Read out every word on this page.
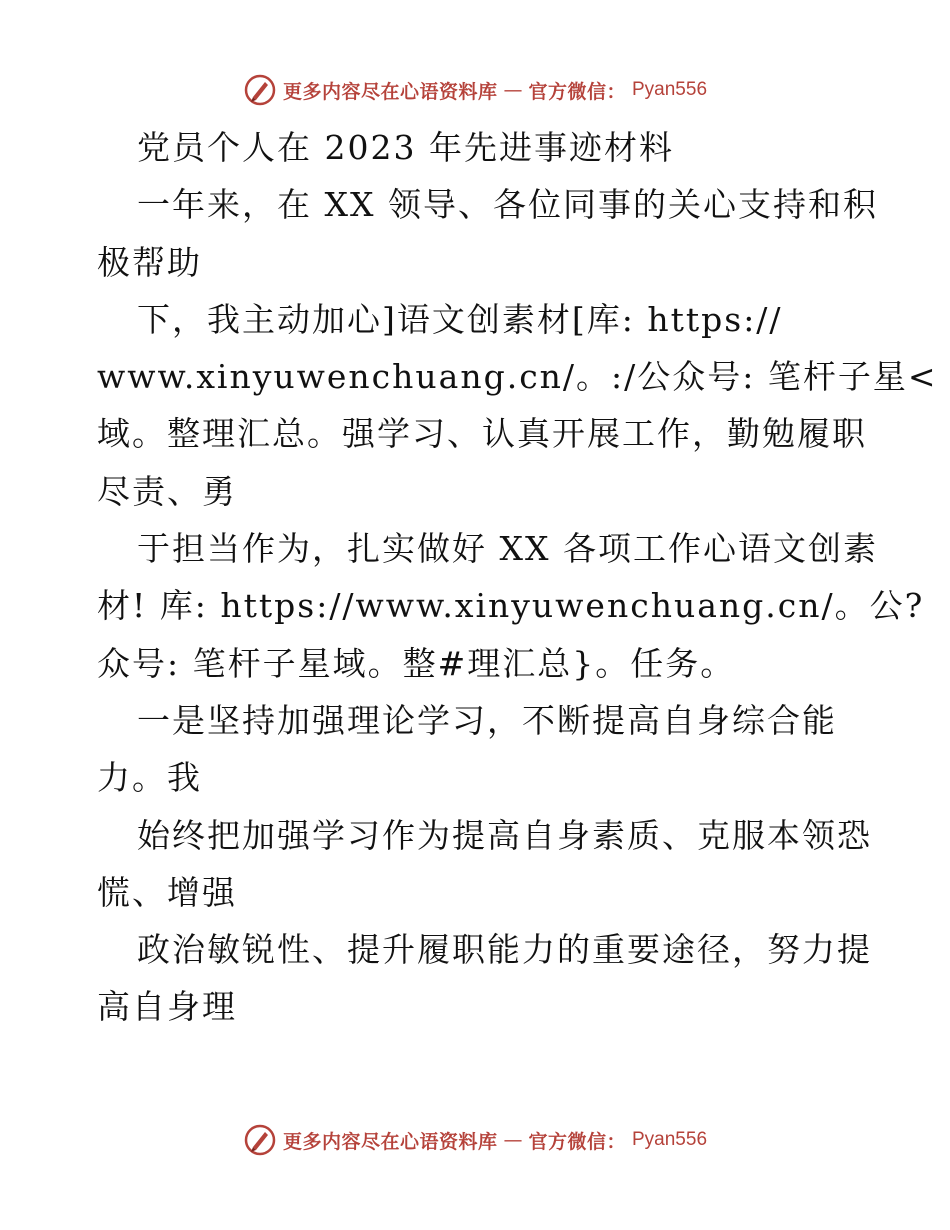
更多内容尽在心语资料库 — 官方微信： Pyan556
党员个人在 2023 年先进事迹材料
一年来，在 XX 领导、各位同事的关心支持和积
极帮助
下，我主动加心]语文创素材[库: https://
www.xinyuwenchuang.cn/。:/公众号: 笔杆子星<
域。整理汇总。强学习、认真开展工作，勤勉履职
尽责、勇
于担当作为，扎实做好 XX 各项工作心语文创素
材! 库: https://www.xinyuwenchuang.cn/。公?
众号: 笔杆子星域。整#理汇总}。任务。
一是坚持加强理论学习，不断提高自身综合能
力。我
始终把加强学习作为提高自身素质、克服本领恐
慌、增强
政治敏锐性、提升履职能力的重要途径，努力提
高自身理
更多内容尽在心语资料库 — 官方微信： Pyan556
